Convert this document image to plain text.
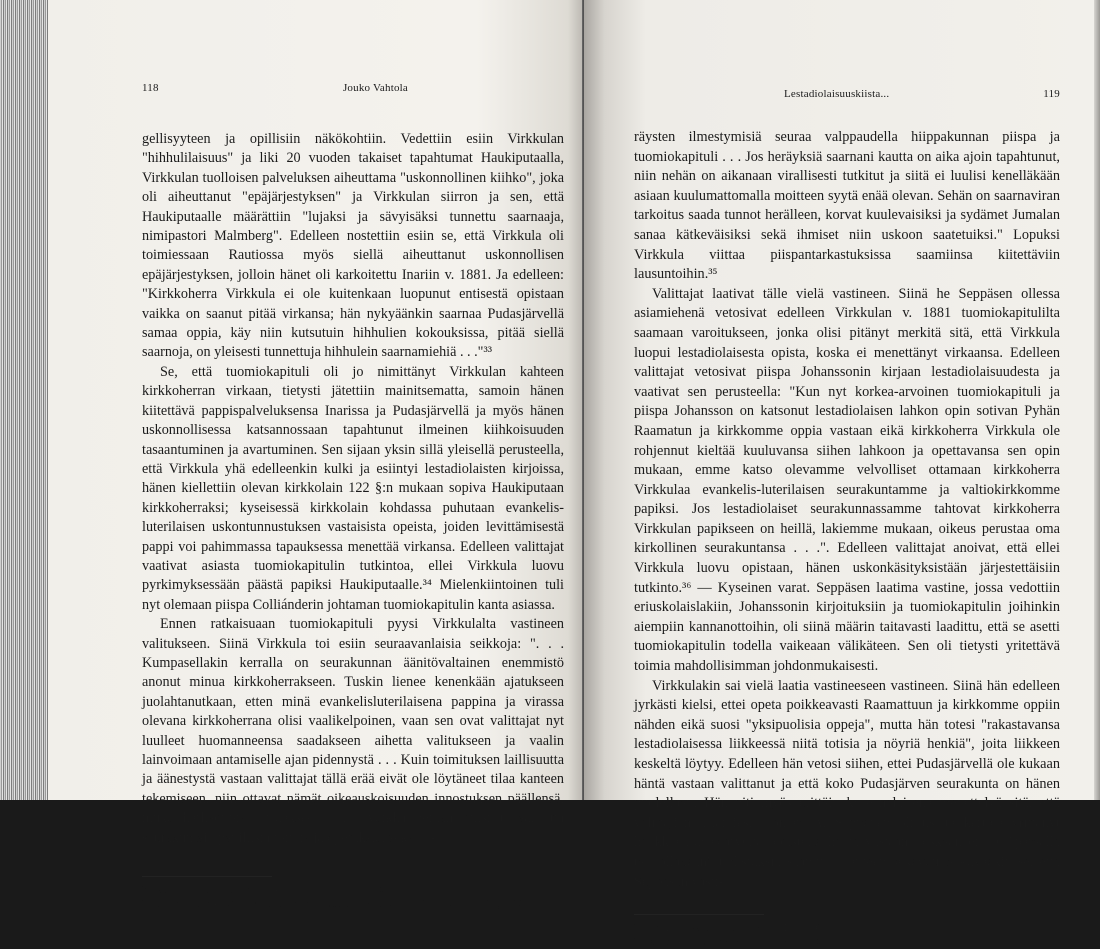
118	Jouko Vahtola

gellisyyteen ja opillisiin näkökohtiin. Vedettiin esiin Virkkulan "hihhulilaisuus" ja liki 20 vuoden takaiset tapahtumat Haukiputaalla, Virkkulan tuolloisen palveluksen aiheuttama "uskonnollinen kiihko", joka oli aiheuttanut "epäjärjestyksen" ja Virkkulan siirron ja sen, että Haukiputaalle määrättiin "lujaksi ja sävyisäksi tunnettu saarnaaja, nimipastori Malmberg". Edelleen nostettiin esiin se, että Virkkula oli toimiessaan Rautiossa myös siellä aiheuttanut uskonnollisen epäjärjestyksen, jolloin hänet oli karkoitettu Inariin v. 1881. Ja edelleen: "Kirkkoherra Virkkula ei ole kuitenkaan luopunut entisestä opistaan vaikka on saanut pitää virkansa; hän nykyäänkin saarnaa Pudasjärvellä samaa oppia, käy niin kutsutuin hihhulien kokouksissa, pitää siellä saarnoja, on yleisesti tunnettuja hihhulein saarnamiehiä . . ."³³

Se, että tuomiokapituli oli jo nimittänyt Virkkulan kahteen kirkkoherran virkaan, tietysti jätettiin mainitsematta, samoin hänen kiitettävä pappispalveluksensa Inarissa ja Pudasjärvellä ja myös hänen uskonnollisessa katsannossaan tapahtunut ilmeinen kiihkoisuuden tasaantuminen ja avartuminen. Sen sijaan yksin sillä yleisellä perusteella, että Virkkula yhä edelleenkin kulki ja esiintyi lestadiolaisten kirjoissa, hänen kiellettiin olevan kirkkolain 122 §:n mukaan sopiva Haukiputaan kirkkoherraksi; kyseisessä kirkkolain kohdassa puhutaan evankelis-luterilaisen uskontunnustuksen vastaisista opeista, joiden levittämisestä pappi voi pahimmassa tapauksessa menettää virkansa. Edelleen valittajat vaativat asiasta tuomiokapitulin tutkintoa, ellei Virkkula luovu pyrkimyksessään päästä papiksi Haukiputaalle.³⁴ Mielenkiintoinen tuli nyt olemaan piispa Colliánderin johtaman tuomiokapitulin kanta asiassa.

Ennen ratkaisuaan tuomiokapituli pyysi Virkkulalta vastineen valitukseen. Siinä Virkkula toi esiin seuraavanlaisia seikkoja: ". . . Kumpasellakin kerralla on seurakunnan äänitövaltainen enemmistö anonut minua kirkkoherrakseen. Tuskin lienee kenenkään ajatukseen juolahtanutkaan, etten minä evankelisluterilaisena pappina ja virassa olevana kirkkoherrana olisi vaalikelpoinen, vaan sen ovat valittajat nyt luulleet huomanneensa saadakseen aihetta valitukseen ja vaalin lainvoimaan antamiselle ajan pidennystä . . . Kuin toimituksen laillisuutta ja äänestystä vastaan valittajat tällä erää eivät ole löytäneet tilaa kanteen tekemiseen, niin ottavat nämät oikeauskoisuuden innostuksen päällensä, muka harhaoppia torjuakseen . . . vaikka heidän tulisi tietää, että seurakuntain papillisia toimia ja opetuksia, sekä he-

³³ Valituskirje tuomiokapitulille 20. 1. 1897. HKA II Cg:1.
³⁴ Ibidem; Suomen Suuriruhtinaanmaan Asetus-Kokous 30/1869 (Helsinki 1869), s. 32.
Lestadiolaisuuskiista...	119

räysten ilmestymisiä seuraa valppaudella hiippakunnan piispa ja tuomiokapituli . . . Jos heräyksiä saarnani kautta on aika ajoin tapahtunut, niin nehän on aikanaan virallisesti tutkitut ja siitä ei luulisi kenelläkään asiaan kuulumattomalla moitteen syytä enää olevan. Sehän on saarnaviran tarkoitus saada tunnot herälleen, korvat kuulevaisiksi ja sydämet Jumalan sanaa kätkeväisiksi sekä ihmiset niin uskoon saatetuiksi." Lopuksi Virkkula viittaa piispantarkastuksissa saamiinsa kiitettäviin lausuntoihin.³⁵

Valittajat laativat tälle vielä vastineen. Siinä he Seppäsen ollessa asiamiehenä vetosivat edelleen Virkkulan v. 1881 tuomiokapitulilta saamaan varoitukseen, jonka olisi pitänyt merkitä sitä, että Virkkula luopui lestadiolaisesta opista, koska ei menettänyt virkaansa. Edelleen valittajat vetosivat piispa Johanssonin kirjaan lestadiolaisuudesta ja vaativat sen perusteella: "Kun nyt korkea-arvoinen tuomiokapituli ja piispa Johansson on katsonut lestadiolaisen lahkon opin sotivan Pyhän Raamatun ja kirkkomme oppia vastaan eikä kirkkoherra Virkkula ole rohjennut kieltää kuuluvansa siihen lahkoon ja opettavansa sen opin mukaan, emme katso olevamme velvolliset ottamaan kirkkoherra Virkkulaa evankelis-luterilaisen seurakuntamme ja valtiokirkkomme papiksi. Jos lestadiolaiset seurakunnassamme tahtovat kirkkoherra Virkkulan papikseen on heillä, lakiemme mukaan, oikeus perustaa oma kirkollinen seurakuntansa . . .". Edelleen valittajat anoivat, että ellei Virkkula luovu opistaan, hänen uskonkäsityksistään järjestettäisiin tutkinto.³⁶ — Kyseinen varat. Seppäsen laatima vastine, jossa vedottiin eriuskolaislakiin, Johanssonin kirjoituksiin ja tuomiokapitulin joihinkin aiempiin kannanottoihin, oli siinä määrin taitavasti laadittu, että se asetti tuomiokapitulin todella vaikeaan välikäteen. Sen oli tietysti yritettävä toimia mahdollisimman johdonmukaisesti.

Virkkulakin sai vielä laatia vastineeseen vastineen. Siinä hän edelleen jyrkästi kielsi, ettei opeta poikkeavasti Raamattuun ja kirkkomme oppiin nähden eikä suosi "yksipuolisia oppeja", mutta hän totesi "rakastavansa lestadiolaisessa liikkeessä niitä totisia ja nöyriä henkiä", joita liikkeen keskeltä löytyy. Edelleen hän vetosi siihen, ettei Pudasjärvellä ole kukaan häntä vastaan valittanut ja että koko Pudasjärven seurakunta on hänen puolellaan. Hän piti myös erittäin kyseenalaisena menettelyä sitä, että valittajien asiamies, tuomari A. Seppänen oli useita kertoja yrittänyt hankkia Pudasjärveltä todisteita häntä vastaan, joskaan ei ole "paraalla tahdollakaan" todistuksia saanut. Tilanteen sekavuutta kuvaakin se, että Seppäsen vasti-

³⁵ Virkkulan vastine 16. 3. 1897. HKA II Cg:1.
³⁶ Valittajien vastine 5. 5. 1897. HKA II Cg:1.
